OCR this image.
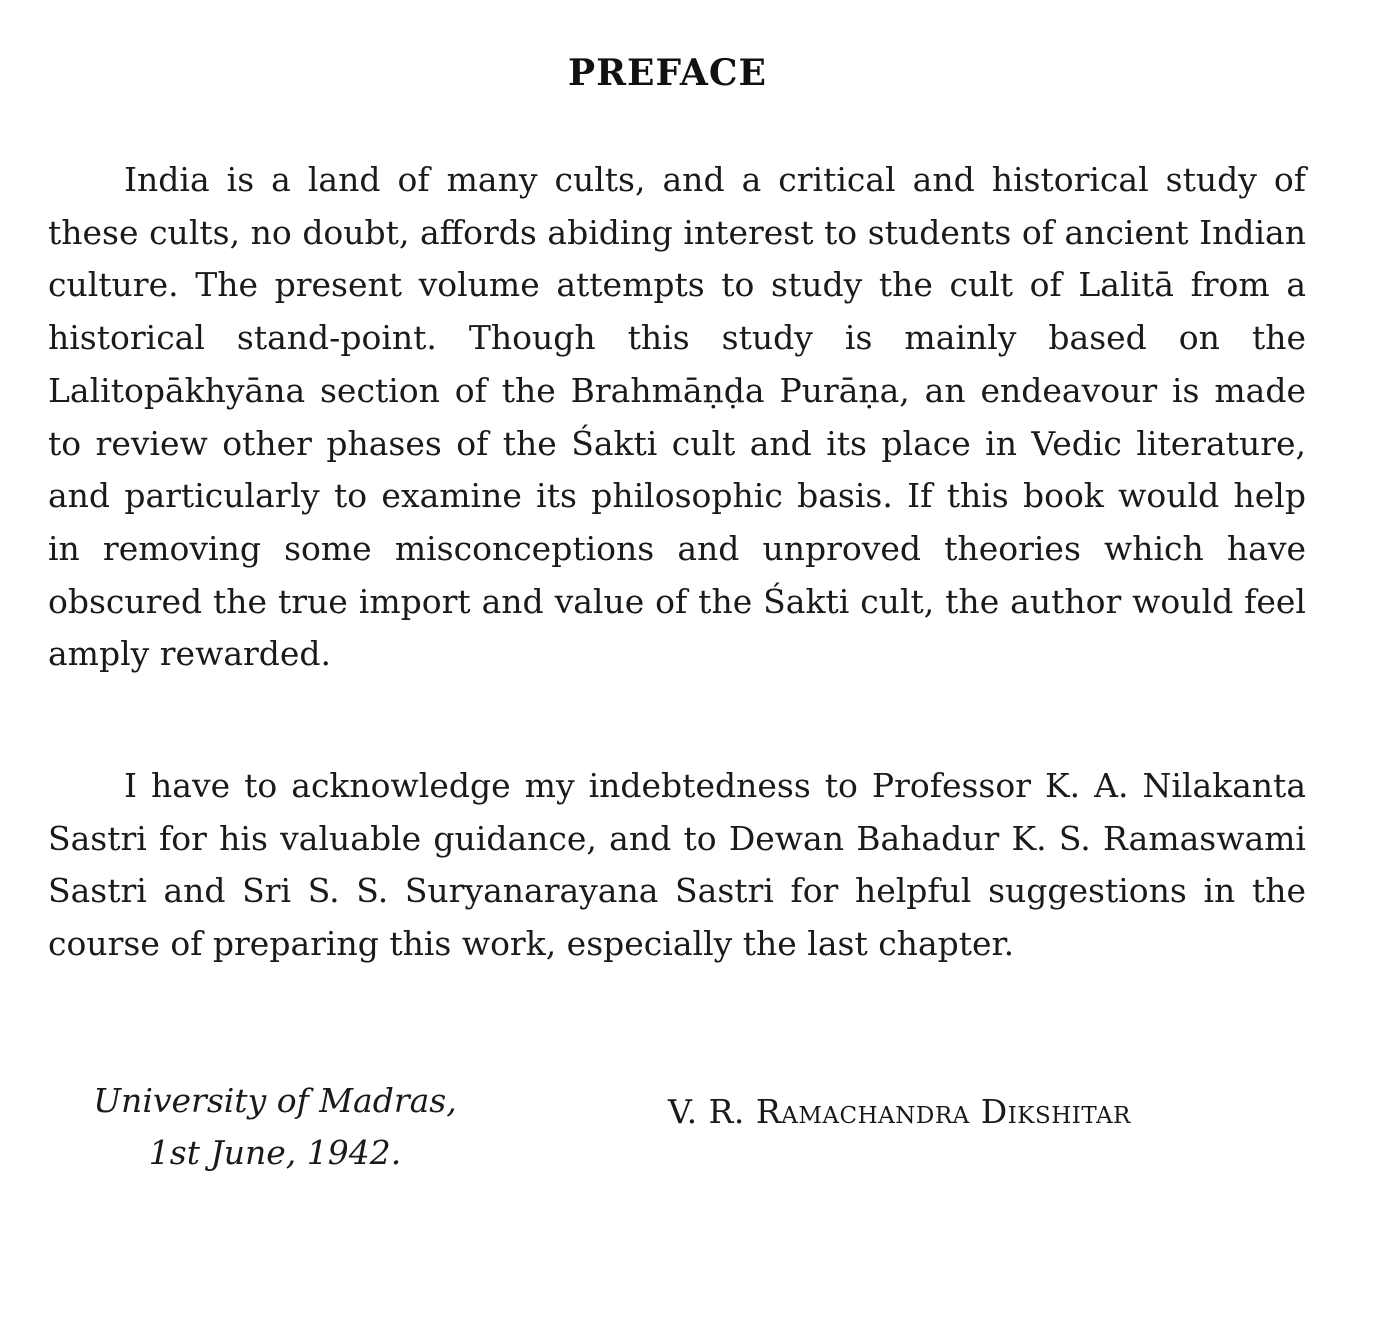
PREFACE

India is a land of many cults, and a critical and historical study of these cults, no doubt, affords abiding interest to students of ancient Indian culture. The present volume attempts to study the cult of Lalitā from a historical stand-point. Though this study is mainly based on the Lalitopākhyāna section of the Brahmāṇḍa Purāṇa, an endeavour is made to review other phases of the Śakti cult and its place in Vedic literature, and particularly to examine its philosophic basis. If this book would help in removing some misconceptions and unproved theories which have obscured the true import and value of the Śakti cult, the author would feel amply rewarded.

I have to acknowledge my indebtedness to Professor K. A. Nilakanta Sastri for his valuable guidance, and to Dewan Bahadur K. S. Ramaswami Sastri and Sri S. S. Suryanarayana Sastri for helpful suggestions in the course of preparing this work, especially the last chapter.

University of Madras,
1st June, 1942.
V. R. Ramachandra Dikshitar
